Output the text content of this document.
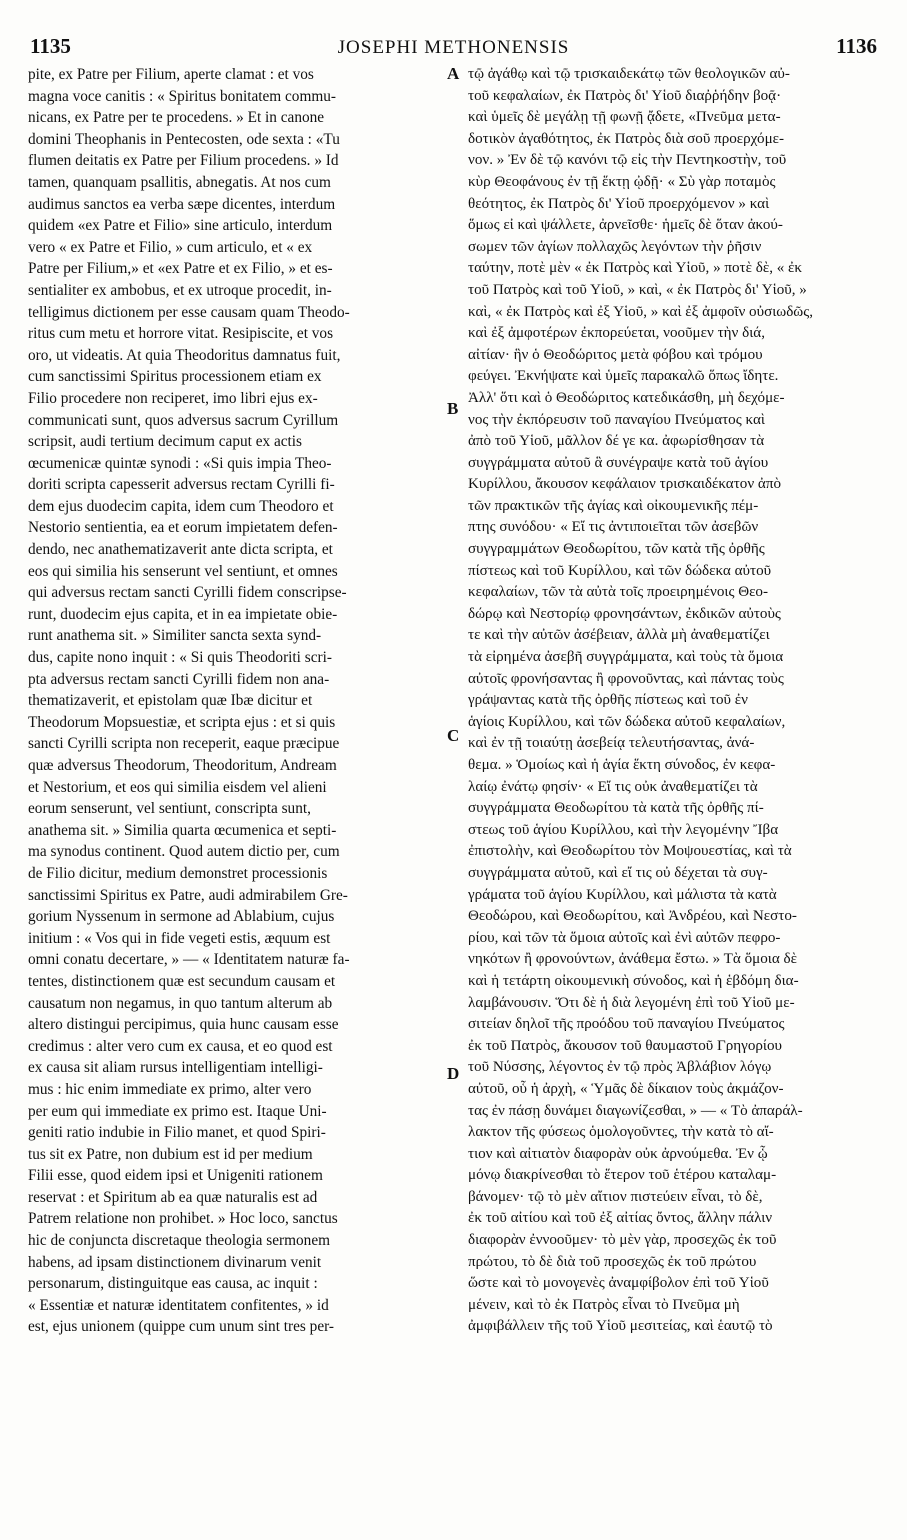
1135	JOSEPHI METHONENSIS	1136
pite, ex Patre per Filium, aperte clamat : et vos
magna voce canitis : « Spiritus bonitatem commu-
nicans, ex Patre per te procedens. » Et in canone
domini Theophanis in Pentecosten, ode sexta : «Tu
flumen deitatis ex Patre per Filium procedens. » Id
tamen, quanquam psallitis, abnegatis. At nos cum
audimus sanctos ea verba sæpe dicentes, interdum
quidem «ex Patre et Filio» sine articulo, interdum
vero « ex Patre et Filio, » cum articulo, et « ex
Patre per Filium,» et «ex Patre et ex Filio, » et es-
sentialiter ex ambobus, et ex utroque procedit, in-
telligimus dictionem per esse causam quam Theodo-
ritus cum metu et horrore vitat. Resipiscite, et vos
oro, ut videatis. At quia Theodoritus damnatus fuit,
cum sanctissimi Spiritus processionem etiam ex
Filio procedere non reciperet, imo libri ejus ex-
communicati sunt, quos adversus sacrum Cyrillum
scripsit, audi tertium decimum caput ex actis
œcumenicæ quintæ synodi : «Si quis impia Theo-
doriti scripta capesserit adversus rectam Cyrilli fi-
dem ejus duodecim capita, idem cum Theodoro et
Nestorio sentientia, ea et eorum impietatem defen-
dendo, nec anathematizaverit ante dicta scripta, et
eos qui similia his senserunt vel sentiunt, et omnes
qui adversus rectam sancti Cyrilli fidem conscripse-
runt, duodecim ejus capita, et in ea impietate obie-
runt anathema sit. » Similiter sancta sexta synd-
dus, capite nono inquit : « Si quis Theodoriti scri-
pta adversus rectam sancti Cyrilli fidem non ana-
thematizaverit, et epistolam quæ Ibæ dicitur et
Theodorum Mopsuestiæ, et scripta ejus : et si quis
sancti Cyrilli scripta non receperit, eaque præcipue
quæ adversus Theodorum, Theodoritum, Andream
et Nestorium, et eos qui similia eisdem vel alieni
eorum senserunt, vel sentiunt, conscripta sunt,
anathema sit. » Similia quarta œcumenica et septi-
ma synodus continent. Quod autem dictio per, cum
de Filio dicitur, medium demonstret processionis
sanctissimi Spiritus ex Patre, audi admirabilem Gre-
gorium Nyssenum in sermone ad Ablabium, cujus
initium : « Vos qui in fide vegeti estis, æquum est
omni conatu decertare, » — « Identitatem naturæ fa-
tentes, distinctionem quæ est secundum causam et
causatum non negamus, in quo tantum alterum ab
altero distingui percipimus, quia hunc causam esse
credimus : alter vero cum ex causa, et eo quod est
ex causa sit aliam rursus intelligentiam intelligi-
mus : hic enim immediate ex primo, alter vero
per eum qui immediate ex primo est. Itaque Uni-
geniti ratio indubie in Filio manet, et quod Spiri-
tus sit ex Patre, non dubium est id per medium
Filii esse, quod eidem ipsi et Unigeniti rationem
reservat : et Spiritum ab ea quæ naturalis est ad
Patrem relatione non prohibet. » Hoc loco, sanctus
hic de conjuncta discretaque theologia sermonem
habens, ad ipsam distinctionem divinarum venit
personarum, distinguitque eas causa, ac inquit :
« Essentiæ et naturæ identitatem confitentes, » id
est, ejus unionem (quippe cum unum sint tres per-
A
B
C
D
τῷ ἀγάθῳ καὶ τῷ τρισκαιδεκάτῳ τῶν θεολογικῶν αὐ-
τοῦ κεφαλαίων, ἐκ Πατρὸς δι' Υἱοῦ διαῤῥήδην βοᾷ·
καὶ ὑμεῖς δὲ μεγάλῃ τῇ φωνῇ ᾄδετε, «Πνεῦμα μετα-
δοτικὸν ἀγαθότητος, ἐκ Πατρὸς διὰ σοῦ προερχόμε-
νον. » Ἐν δὲ τῷ κανόνι τῷ εἰς τὴν Πεντηκοστὴν, τοῦ
κὺρ Θεοφάνους ἐν τῇ ἕκτῃ ᾠδῇ· « Σὺ γὰρ ποταμὸς
θεότητος, ἐκ Πατρὸς δι' Υἱοῦ προερχόμενον » καὶ
ὅμως εἰ καὶ ψάλλετε, ἀρνεῖσθε· ἡμεῖς δὲ ὅταν ἀκού-
σωμεν τῶν ἁγίων πολλαχῶς λεγόντων τὴν ῥῆσιν
ταύτην, ποτὲ μὲν « ἐκ Πατρὸς καὶ Υἱοῦ, » ποτὲ δὲ, « ἐκ
τοῦ Πατρὸς καὶ τοῦ Υἱοῦ, » καὶ, « ἐκ Πατρὸς δι' Υἱοῦ, »
καὶ, « ἐκ Πατρὸς καὶ ἐξ Υἱοῦ, » καὶ ἐξ ἀμφοῖν οὐσιωδῶς,
καὶ ἐξ ἀμφοτέρων ἐκπορεύεται, νοοῦμεν τὴν διά,
αἰτίαν· ἣν ὁ Θεοδώριτος μετὰ φόβου καὶ τρόμου
φεύγει. Ἐκνήψατε καὶ ὑμεῖς παρακαλῶ ὅπως ἴδητε.
Ἀλλ' ὅτι καὶ ὁ Θεοδώριτος κατεδικάσθη, μὴ δεχόμε-
νος τὴν ἐκπόρευσιν τοῦ παναγίου Πνεύματος καὶ
ἀπὸ τοῦ Υἱοῦ, μᾶλλον δέ γε κα. ἀφωρίσθησαν τὰ
συγγράμματα αὐτοῦ ἃ συνέγραψε κατὰ τοῦ ἁγίου
Κυρίλλου, ἄκουσον κεφάλαιον τρισκαιδέκατον ἀπὸ
τῶν πρακτικῶν τῆς ἁγίας καὶ οἰκουμενικῆς πέμ-
πτης συνόδου· « Εἴ τις ἀντιποιεῖται τῶν ἀσεβῶν
συγγραμμάτων Θεοδωρίτου, τῶν κατὰ τῆς ὀρθῆς
πίστεως καὶ τοῦ Κυρίλλου, καὶ τῶν δώδεκα αὐτοῦ
κεφαλαίων, τῶν τὰ αὐτὰ τοῖς προειρημένοις Θεο-
δώρῳ καὶ Νεστορίῳ φρονησάντων, ἐκδικῶν αὐτοὺς
τε καὶ τὴν αὐτῶν ἀσέβειαν, ἀλλὰ μὴ ἀναθεματίζει
τὰ εἰρημένα ἀσεβῆ συγγράμματα, καὶ τοὺς τὰ ὅμοια
αὐτοῖς φρονήσαντας ἢ φρονοῦντας, καὶ πάντας τοὺς
γράψαντας κατὰ τῆς ὀρθῆς πίστεως καὶ τοῦ ἐν
ἁγίοις Κυρίλλου, καὶ τῶν δώδεκα αὐτοῦ κεφαλαίων,
καὶ ἐν τῇ τοιαύτῃ ἀσεβείᾳ τελευτήσαντας, ἀνά-
θεμα. » Ὁμοίως καὶ ἡ ἁγία ἕκτη σύνοδος, ἐν κεφα-
λαίῳ ἐνάτῳ φησίν· « Εἴ τις οὐκ ἀναθεματίζει τὰ
συγγράμματα Θεοδωρίτου τὰ κατὰ τῆς ὀρθῆς πί-
στεως τοῦ ἁγίου Κυρίλλου, καὶ τὴν λεγομένην Ἴβα
ἐπιστολὴν, καὶ Θεοδωρίτου τὸν Μοψουεστίας, καὶ τὰ
συγγράμματα αὐτοῦ, καὶ εἴ τις οὐ δέχεται τὰ συγ-
γράματα τοῦ ἁγίου Κυρίλλου, καὶ μάλιστα τὰ κατὰ
Θεοδώρου, καὶ Θεοδωρίτου, καὶ Ἀνδρέου, καὶ Νεστο-
ρίου, καὶ τῶν τὰ ὅμοια αὐτοῖς καὶ ἐνὶ αὐτῶν πεφρο-
νηκότων ἢ φρονούντων, ἀνάθεμα ἔστω. » Τὰ ὅμοια δὲ
καὶ ἡ τετάρτη οἰκουμενικὴ σύνοδος, καὶ ἡ ἑβδόμη δια-
λαμβάνουσιν. Ὅτι δὲ ἡ διὰ λεγομένη ἐπὶ τοῦ Υἱοῦ με-
σιτείαν δηλοῖ τῆς προόδου τοῦ παναγίου Πνεύματος
ἐκ τοῦ Πατρὸς, ἄκουσον τοῦ θαυμαστοῦ Γρηγορίου
τοῦ Νύσσης, λέγοντος ἐν τῷ πρὸς Ἀβλάβιον λόγῳ
αὐτοῦ, οὗ ἡ ἀρχὴ, « Ὑμᾶς δὲ δίκαιον τοὺς ἀκμάζον-
τας ἐν πάσῃ δυνάμει διαγωνίζεσθαι, » — « Τὸ ἀπαράλ-
λακτον τῆς φύσεως ὁμολογοῦντες, τὴν κατὰ τὸ αἴ-
τιον καὶ αἰτιατὸν διαφορὰν οὐκ ἀρνούμεθα. Ἐν ᾧ
μόνῳ διακρίνεσθαι τὸ ἕτερον τοῦ ἑτέρου καταλαμ-
βάνομεν· τῷ τὸ μὲν αἴτιον πιστεύειν εἶναι, τὸ δὲ,
ἐκ τοῦ αἰτίου καὶ τοῦ ἐξ αἰτίας ὄντος, ἄλλην πάλιν
διαφορὰν ἐννοοῦμεν· τὸ μὲν γὰρ, προσεχῶς ἐκ τοῦ
πρώτου, τὸ δὲ διὰ τοῦ προσεχῶς ἐκ τοῦ πρώτου
ὥστε καὶ τὸ μονογενὲς ἀναμφίβολον ἐπὶ τοῦ Υἱοῦ
μένειν, καὶ τὸ ἐκ Πατρὸς εἶναι τὸ Πνεῦμα μὴ
ἀμφιβάλλειν τῆς τοῦ Υἱοῦ μεσιτείας, καὶ ἑαυτῷ τὸ
